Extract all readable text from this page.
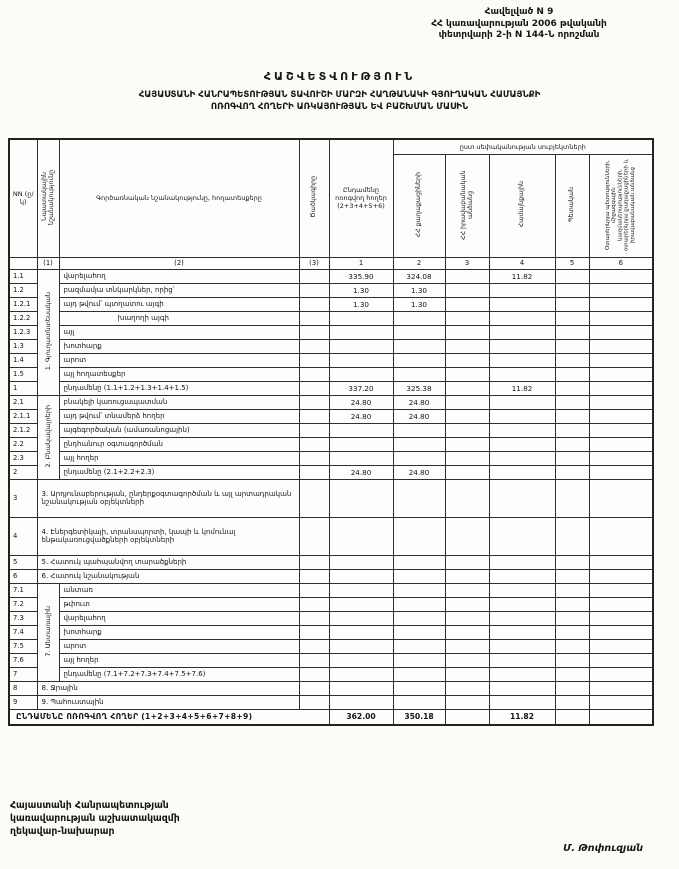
Հավելված N 9
ՀՀ կառավարության 2006 թվականի
փետրվարի 2-ի N 144-Ն որոշման
ՀԱՇՎԵՏՎՈՒԹՅՈՒՆ
ՀԱՅԱՍՏԱՆԻ ՀԱՆՐԱՊԵՏՈՒԹՅԱՆ ՏԱՎՈՒՇԻ ՄԱՐԶԻ ՀԱՂԹԱՆԱԿԻ ԳՅՈՒՂԱԿԱՆ ՀԱՄԱՅՆՔԻ
ՈՌՈԳՎՈՂ ՀՈՂԵՐԻ ԱՌԿԱՅՈՒԹՅԱՆ ԵՎ ԲԱՇԽՄԱՆ ՄԱՍԻՆ
NN (ը/կ)	Նպատակային նշանակությունը	Գործառնական նշանակությունը, հողատեսքերը	Ծածկագիրը	Ընդամենը ոռոգվող հողեր (2+3+4+5+6)	ըստ սեփականության սուբյեկտների				
					ՀՀ քաղաքացիների	ՀՀ իրավաբանական անձանց	Համայնքային	Պետական	Օտարերկրյա պետությունների, միջազգային կազմակերպությունների, օտարերկրյա քաղաքացիների և իրավաբանական անձանց
	(1)	(2)	(3)	1	2	3	4	5	6
1.1	1. Գյուղատնտեսական	վարելահող		335.90	324.08		11.82		
1.2		բազմամյա տնկարկներ, որից՝		1.30	1.30				
1.2.1		այդ թվում՝ պտղատու այգի		1.30	1.30				
1.2.2		խաղողի այգի							
1.2.3		այլ							
1.3		խոտհարք							
1.4		արոտ							
1.5		այլ հողատեսքեր							
1		ընդամենը (1.1+1.2+1.3+1.4+1.5)		337.20	325.38		11.82		
2.1	2. Բնակավայրերի	բնակելի կառուցապատման		24.80	24.80				
2.1.1		այդ թվում՝ տնամերձ հողեր		24.80	24.80				
2.1.2		այգեգործական (ամառանոցային)							
2.2		ընդհանուր օգտագործման							
2.3		այլ հողեր							
2		ընդամենը (2.1+2.2+2.3)		24.80	24.80				
3	3. Արդյունաբերության, ընդերքօգտագործման և այլ արտադրական նշանակության օբյեկտների								
4	4. Էներգետիկայի, տրանսպորտի, կապի և կոմունալ ենթակառուցվածքների օբյեկտների								
5	5. Հատուկ պահպանվող տարածքների								
6	6. Հատուկ նշանակության								
7.1	7. Անտառային	անտառ							
7.2		թփուտ							
7.3		վարելահող							
7.4		խոտհարք							
7.5		արոտ							
7.6		այլ հողեր							
7		ընդամենը (7.1+7.2+7.3+7.4+7.5+7.6)							
8	8. Ջրային								
9	9. Պահուստային								
ԸՆԴԱՄԵՆԸ ՈՌՈԳՎՈՂ ՀՈՂԵՐ (1+2+3+4+5+6+7+8+9)				362.00	350.18		11.82		
Հայաստանի Հանրապետության
կառավարության աշխատակազմի
ղեկավար-նախարար
Մ. Թոփուզյան
